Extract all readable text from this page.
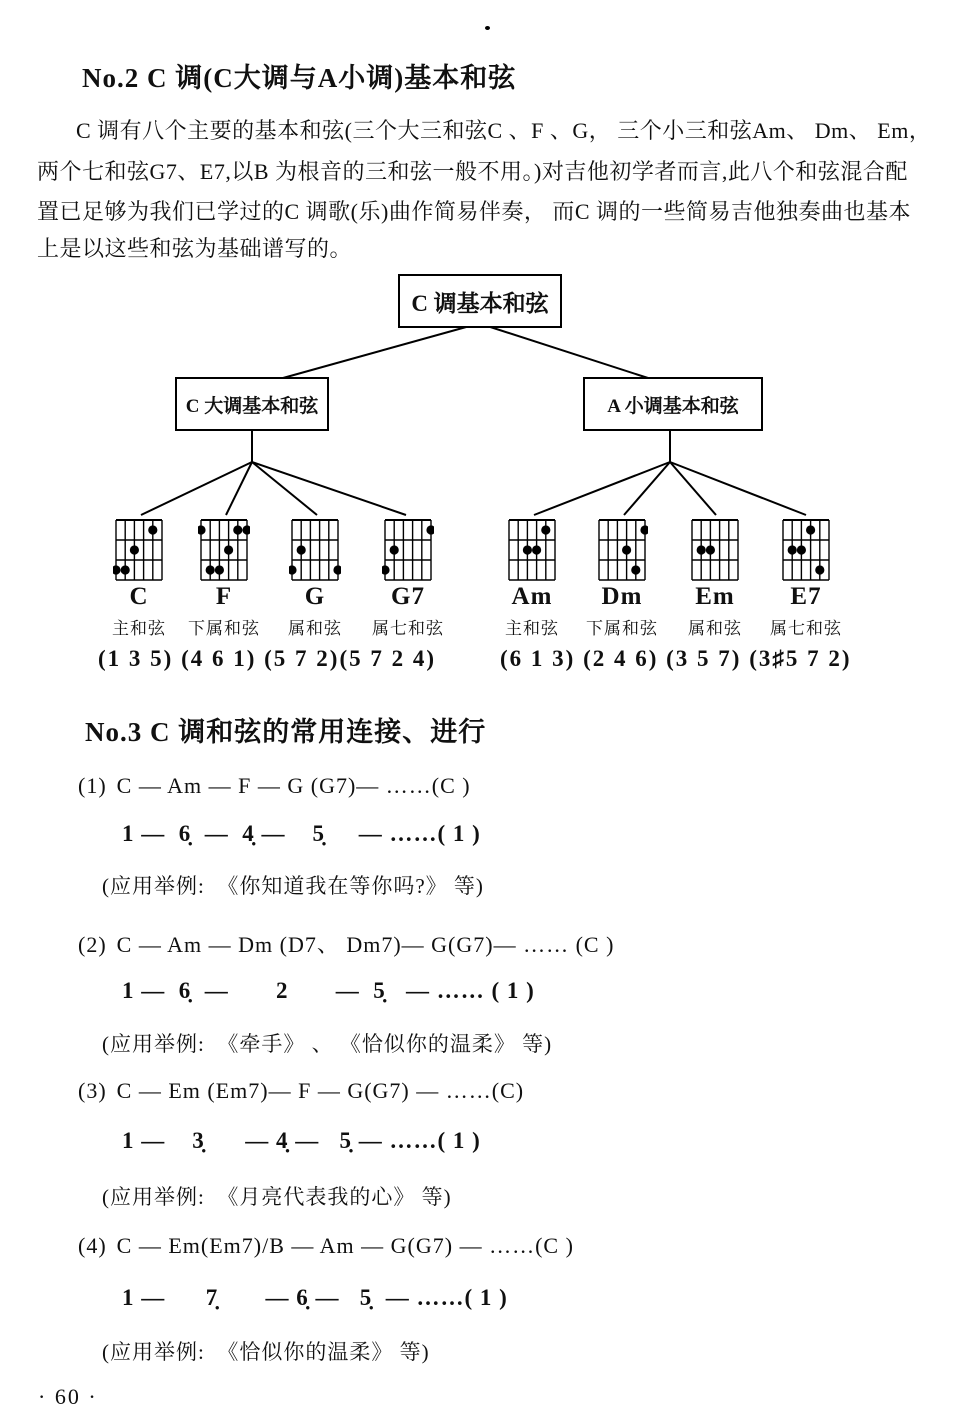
No.2 C 调(C大调与A小调)基本和弦
C 调有八个主要的基本和弦(三个大三和弦C 、F 、G， 三个小三和弦Am、 Dm、 Em，
两个七和弦G7、E7,以B 为根音的三和弦一般不用。)对吉他初学者而言,此八个和弦混合配
置已足够为我们已学过的C 调歌(乐)曲作简易伴奏， 而C 调的一些简易吉他独奏曲也基本
上是以这些和弦为基础谱写的。
C 调基本和弦
C 大调基本和弦	A 小调基本和弦
C
主和弦
F
下属和弦
G
属和弦
G7
属七和弦
Am
主和弦
Dm
下属和弦
Em
属和弦
E7
属七和弦
(1 3 5) (4 6 1) (5 7 2)(5 7 2 4)	(6 1 3) (2 4 6) (3 5 7) (3♯5 7 2)
No.3 C 调和弦的常用连接、进行
(1) C — Am — F — G (G7)— ……(C )
1 —  6̣  —  4̣ —    5̣     — ……( 1 )
(应用举例:  《你知道我在等你吗?》 等)
(2) C — Am — Dm (D7、 Dm7)— G(G7)— …… (C )
1 —  6̣  —       2       —  5̣   — …… ( 1 )
(应用举例:  《牵手》 、 《恰似你的温柔》 等)
(3) C — Em (Em7)— F — G(G7) — ……(C)
1 —    3̣      — 4̣ —   5̣ — ……( 1 )
(应用举例:  《月亮代表我的心》 等)
(4) C — Em(Em7)/B — Am — G(G7) — ……(C )
1 —      7̣       — 6̣ —   5̣  — ……( 1 )
(应用举例:  《恰似你的温柔》 等)
· 60 ·
